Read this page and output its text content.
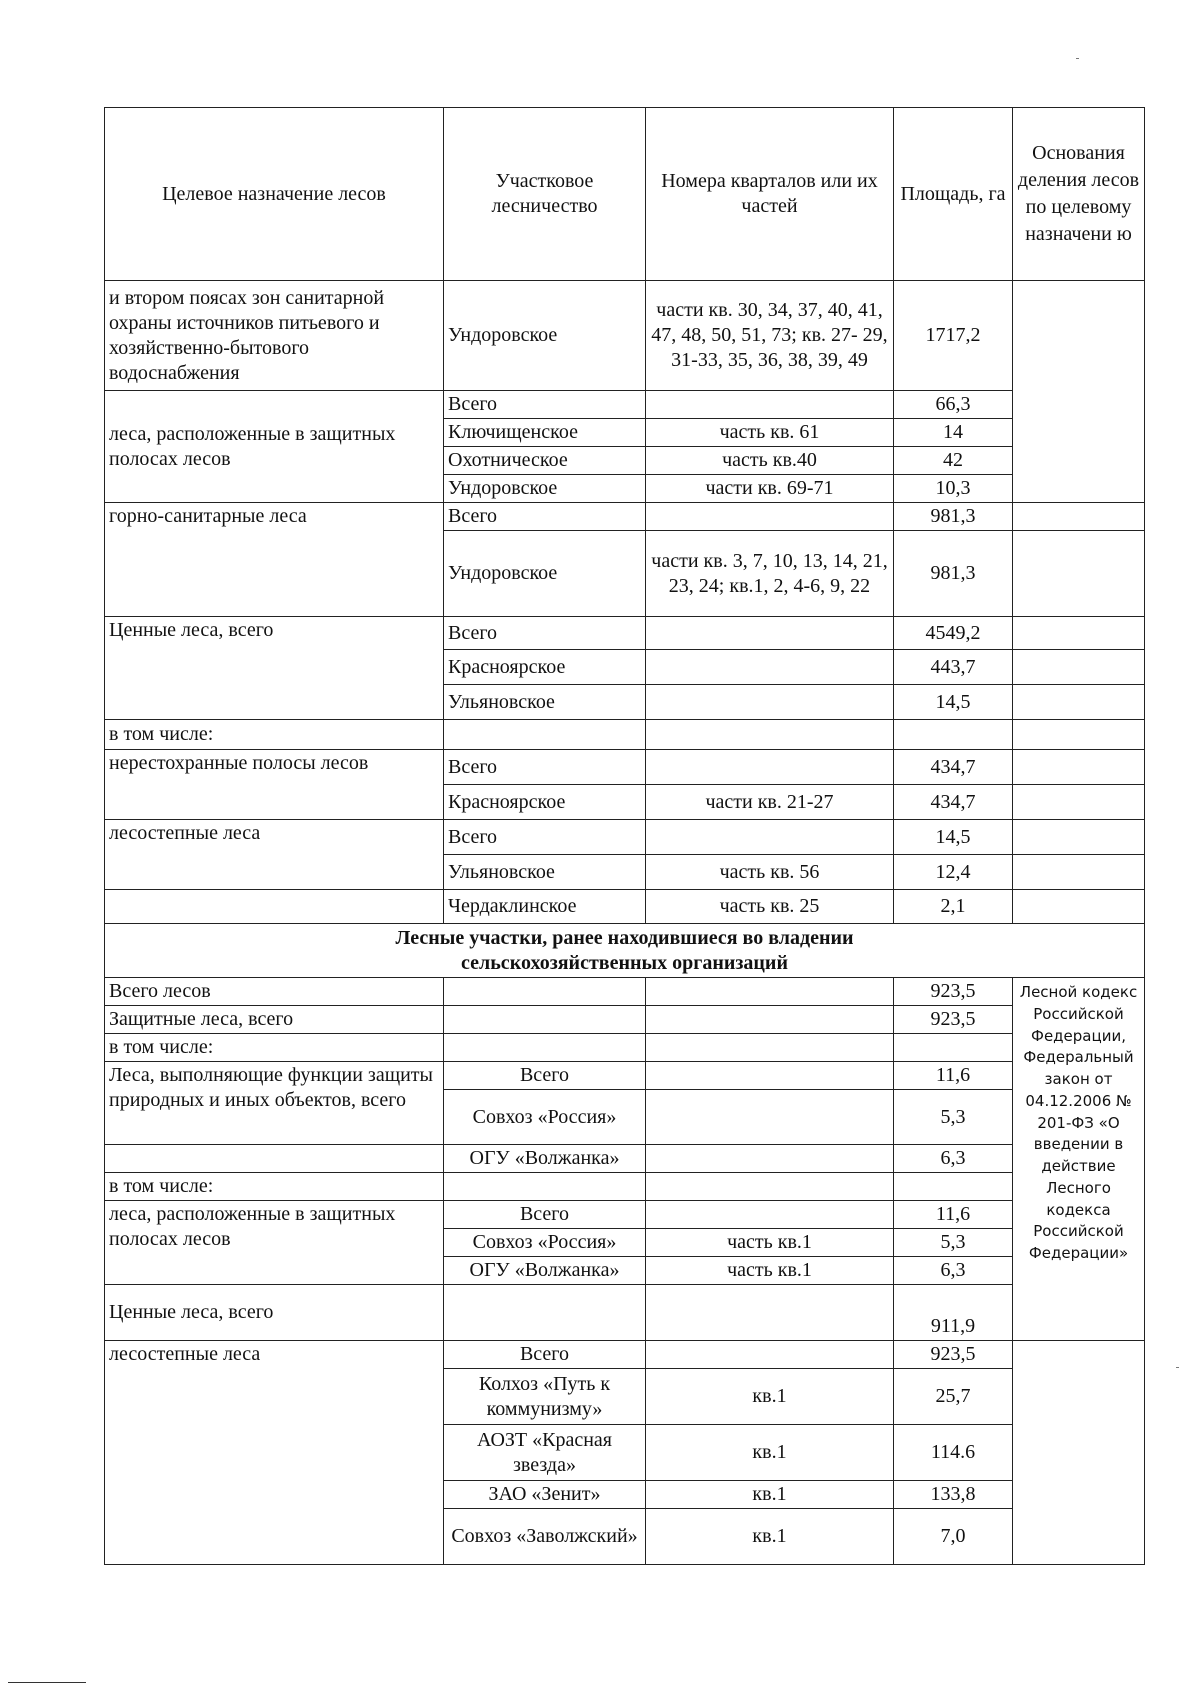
Целевое назначение лесов	Участковое лесничество	Номера кварталов или их частей	Площадь, га	Основания деления лесов по целевому назначени ю
и втором поясах зон санитарной охраны источников питьевого и хозяйственно-бытового водоснабжения	Ундоровское	части кв. 30, 34, 37, 40, 41, 47, 48, 50, 51, 73; кв. 27- 29, 31-33, 35, 36, 38, 39, 49	1717,2	
леса, расположенные в защитных полосах лесов	Всего		66,3	
	Ключищенское	часть кв. 61	14	
	Охотническое	часть кв.40	42	
	Ундоровское	части кв. 69-71	10,3	
горно-санитарные леса	Всего		981,3	
	Ундоровское	части кв. 3, 7, 10, 13, 14, 21, 23, 24; кв.1, 2, 4-6, 9, 22	981,3	
Ценные леса, всего	Всего		4549,2	
	Красноярское		443,7	
	Ульяновское		14,5	
в том числе:				
нерестохранные полосы лесов	Всего		434,7	
	Красноярское	части кв. 21-27	434,7	
лесостепные леса	Всего		14,5	
	Ульяновское	часть кв. 56	12,4	
	Чердаклинское	часть кв. 25	2,1	

Лесные участки, ранее находившиеся во владении сельскохозяйственных организаций				

Всего лесов			923,5	Лесной кодекс Российской Федерации, Федеральный закон от 04.12.2006 № 201-ФЗ «О введении в действие Лесного кодекса Российской Федерации»
Защитные леса, всего			923,5	
в том числе:				
Леса, выполняющие функции защиты природных и иных объектов, всего	Всего		11,6	
	Совхоз «Россия»		5,3	
	ОГУ «Волжанка»		6,3	
в том числе:				
леса, расположенные в защитных полосах лесов	Всего		11,6	
	Совхоз «Россия»	часть кв.1	5,3	
	ОГУ «Волжанка»	часть кв.1	6,3	
Ценные леса, всего			911,9	
лесостепные леса	Всего		923,5	
	Колхоз «Путь к коммунизму»	кв.1	25,7	
	АОЗТ «Красная звезда»	кв.1	114.6	
	ЗАО «Зенит»	кв.1	133,8	
	Совхоз «Заволжский»	кв.1	7,0	
